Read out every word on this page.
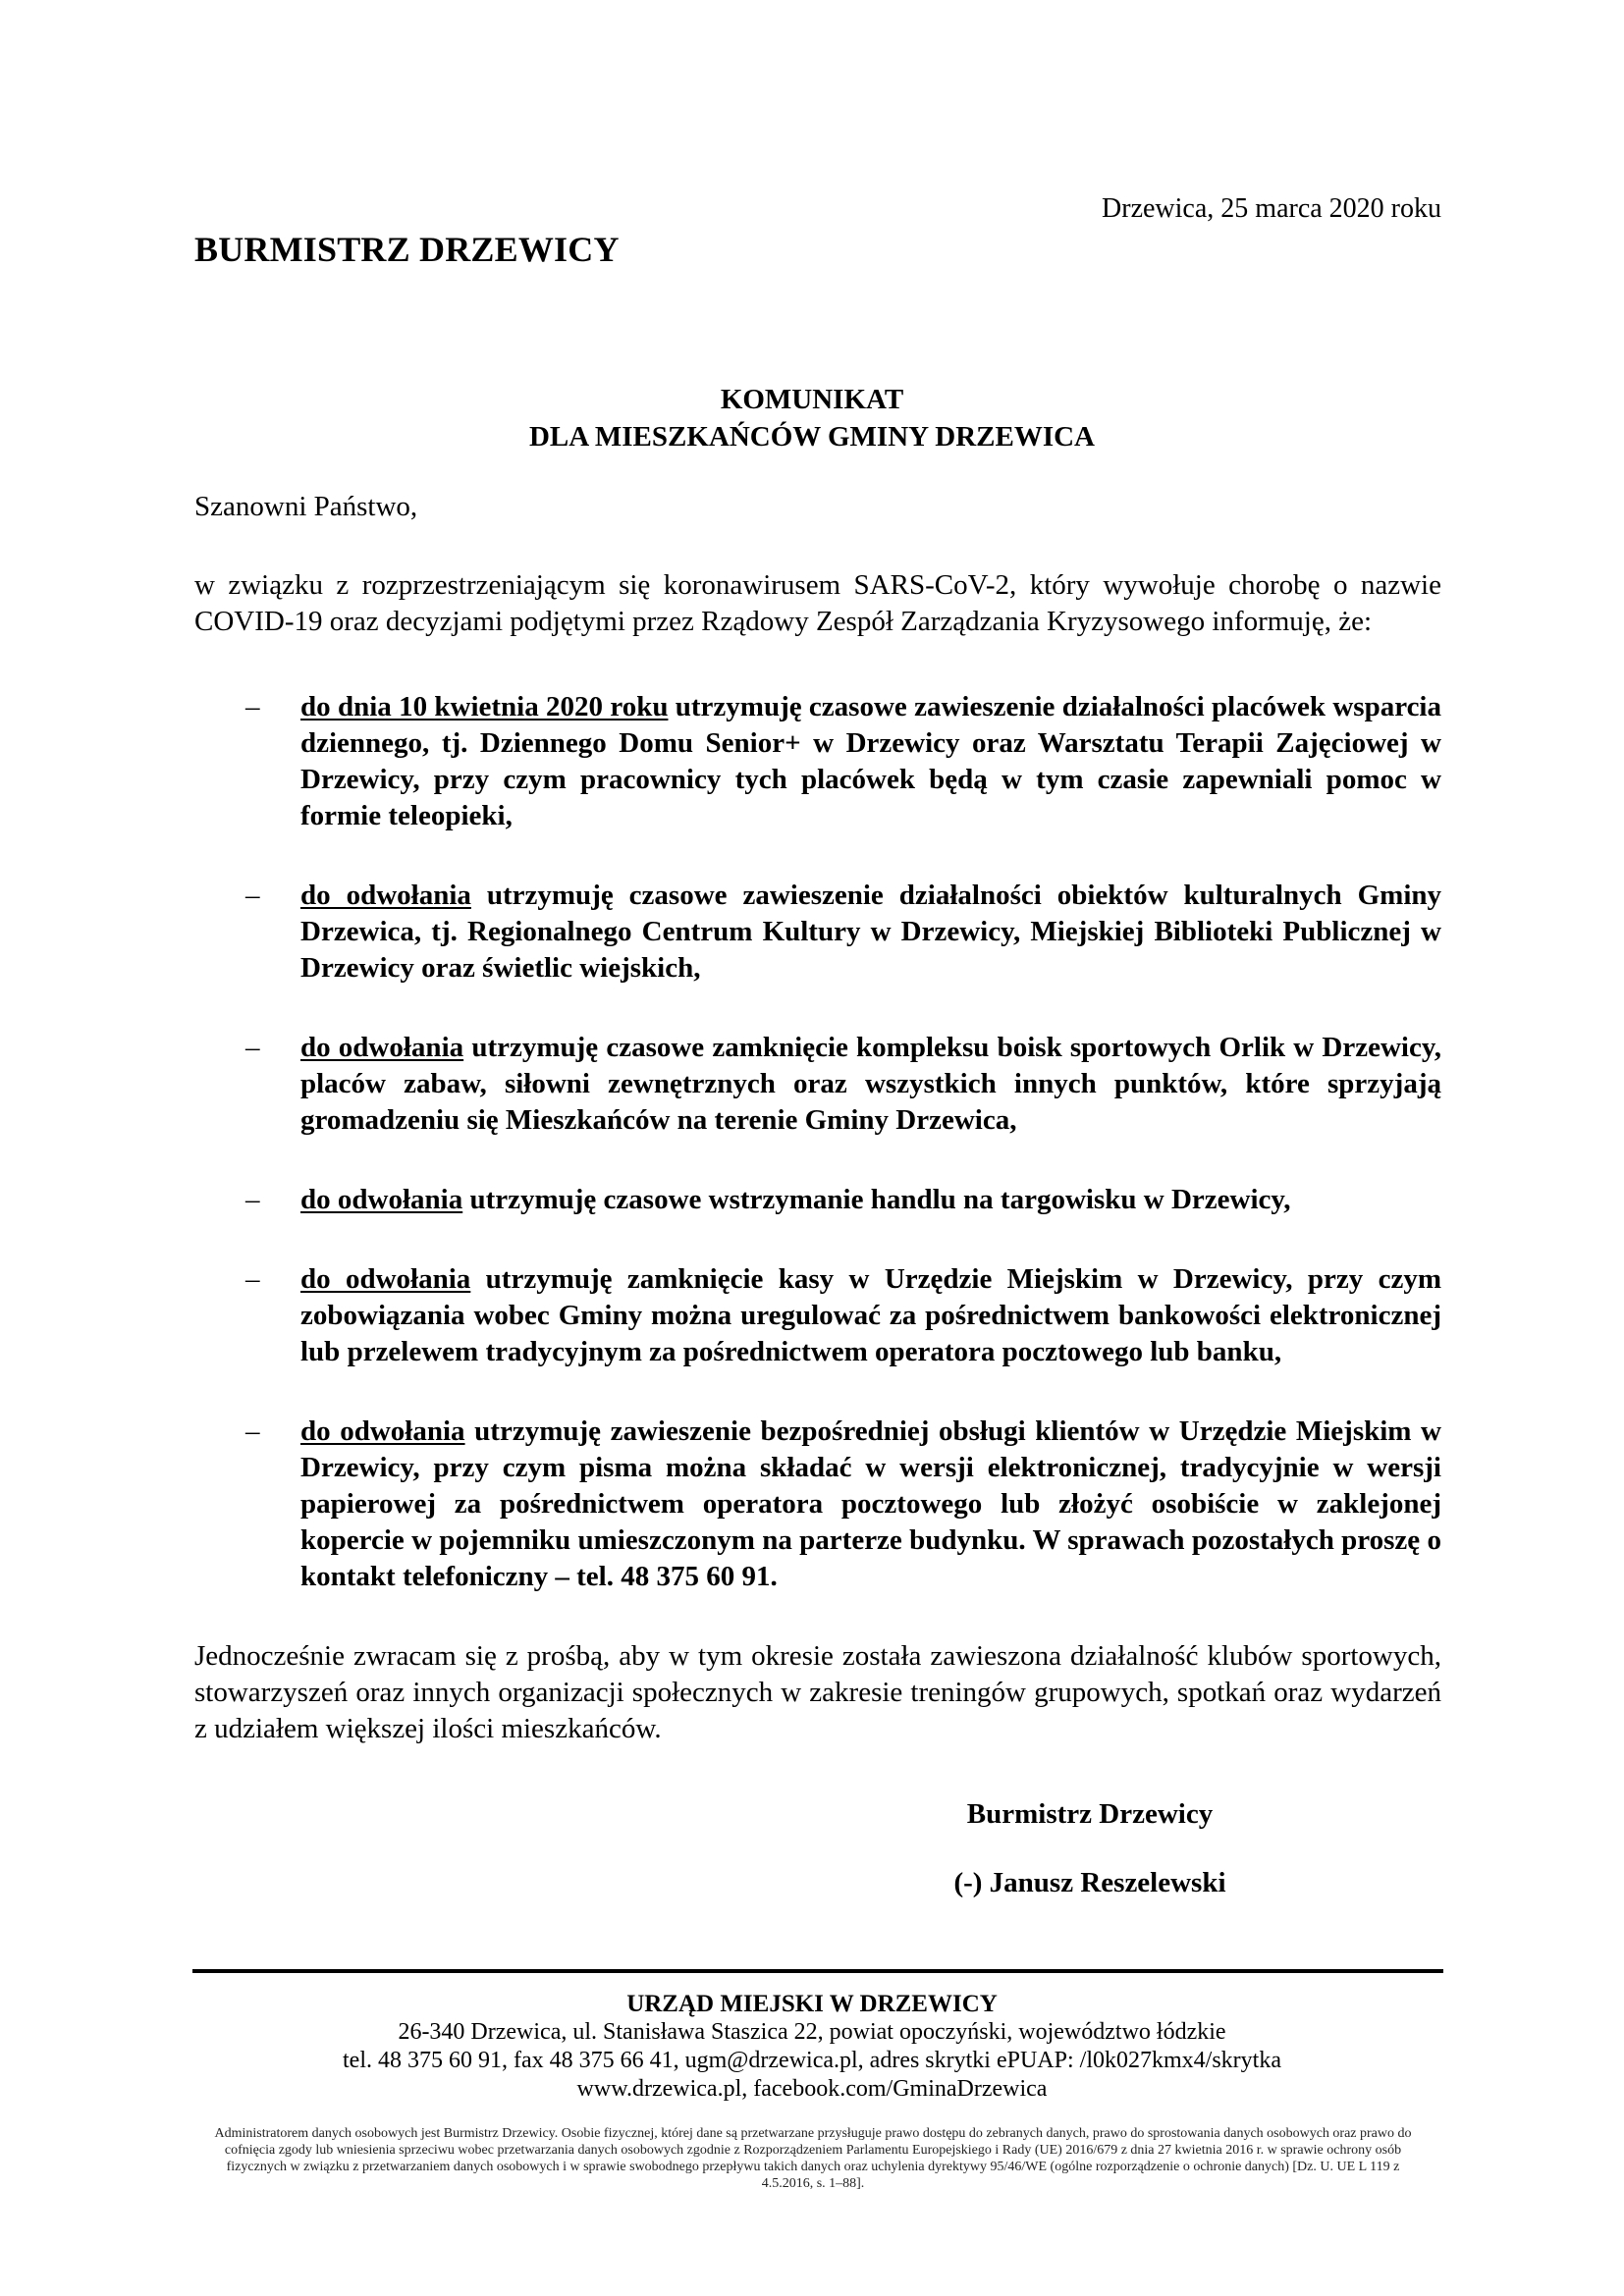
Drzewica, 25 marca 2020 roku
BURMISTRZ DRZEWICY
KOMUNIKAT
DLA MIESZKAŃCÓW GMINY DRZEWICA
Szanowni Państwo,

w związku z rozprzestrzeniającym się koronawirusem SARS-CoV-2, który wywołuje chorobę o nazwie COVID-19 oraz decyzjami podjętymi przez Rządowy Zespół Zarządzania Kryzysowego informuję, że:

– do dnia 10 kwietnia 2020 roku utrzymuję czasowe zawieszenie działalności placówek wsparcia dziennego, tj. Dziennego Domu Senior+ w Drzewicy oraz Warsztatu Terapii Zajęciowej w Drzewicy, przy czym pracownicy tych placówek będą w tym czasie zapewniali pomoc w formie teleopieki,
– do odwołania utrzymuję czasowe zawieszenie działalności obiektów kulturalnych Gminy Drzewica, tj. Regionalnego Centrum Kultury w Drzewicy, Miejskiej Biblioteki Publicznej w Drzewicy oraz świetlic wiejskich,
– do odwołania utrzymuję czasowe zamknięcie kompleksu boisk sportowych Orlik w Drzewicy, placów zabaw, siłowni zewnętrznych oraz wszystkich innych punktów, które sprzyjają gromadzeniu się Mieszkańców na terenie Gminy Drzewica,
– do odwołania utrzymuję czasowe wstrzymanie handlu na targowisku w Drzewicy,
– do odwołania utrzymuję zamknięcie kasy w Urzędzie Miejskim w Drzewicy, przy czym zobowiązania wobec Gminy można uregulować za pośrednictwem bankowości elektronicznej lub przelewem tradycyjnym za pośrednictwem operatora pocztowego lub banku,
– do odwołania utrzymuję zawieszenie bezpośredniej obsługi klientów w Urzędzie Miejskim w Drzewicy, przy czym pisma można składać w wersji elektronicznej, tradycyjnie w wersji papierowej za pośrednictwem operatora pocztowego lub złożyć osobiście w zaklejonej kopercie w pojemniku umieszczonym na parterze budynku. W sprawach pozostałych proszę o kontakt telefoniczny – tel. 48 375 60 91.

Jednocześnie zwracam się z prośbą, aby w tym okresie została zawieszona działalność klubów sportowych, stowarzyszeń oraz innych organizacji społecznych w zakresie treningów grupowych, spotkań oraz wydarzeń z udziałem większej ilości mieszkańców.

Burmistrz Drzewicy
(-) Janusz Reszelewski
URZĄD MIEJSKI W DRZEWICY
26-340 Drzewica, ul. Stanisława Staszica 22, powiat opoczyński, województwo łódzkie
tel. 48 375 60 91, fax 48 375 66 41, ugm@drzewica.pl, adres skrytki ePUAP: /l0k027kmx4/skrytka
www.drzewica.pl, facebook.com/GminaDrzewica
Administratorem danych osobowych jest Burmistrz Drzewicy. Osobie fizycznej, której dane są przetwarzane przysługuje prawo dostępu do zebranych danych, prawo do sprostowania danych osobowych oraz prawo do cofnięcia zgody lub wniesienia sprzeciwu wobec przetwarzania danych osobowych zgodnie z Rozporządzeniem Parlamentu Europejskiego i Rady (UE) 2016/679 z dnia 27 kwietnia 2016 r. w sprawie ochrony osób fizycznych w związku z przetwarzaniem danych osobowych i w sprawie swobodnego przepływu takich danych oraz uchylenia dyrektywy 95/46/WE (ogólne rozporządzenie o ochronie danych) [Dz. U. UE L 119 z 4.5.2016, s. 1–88].
